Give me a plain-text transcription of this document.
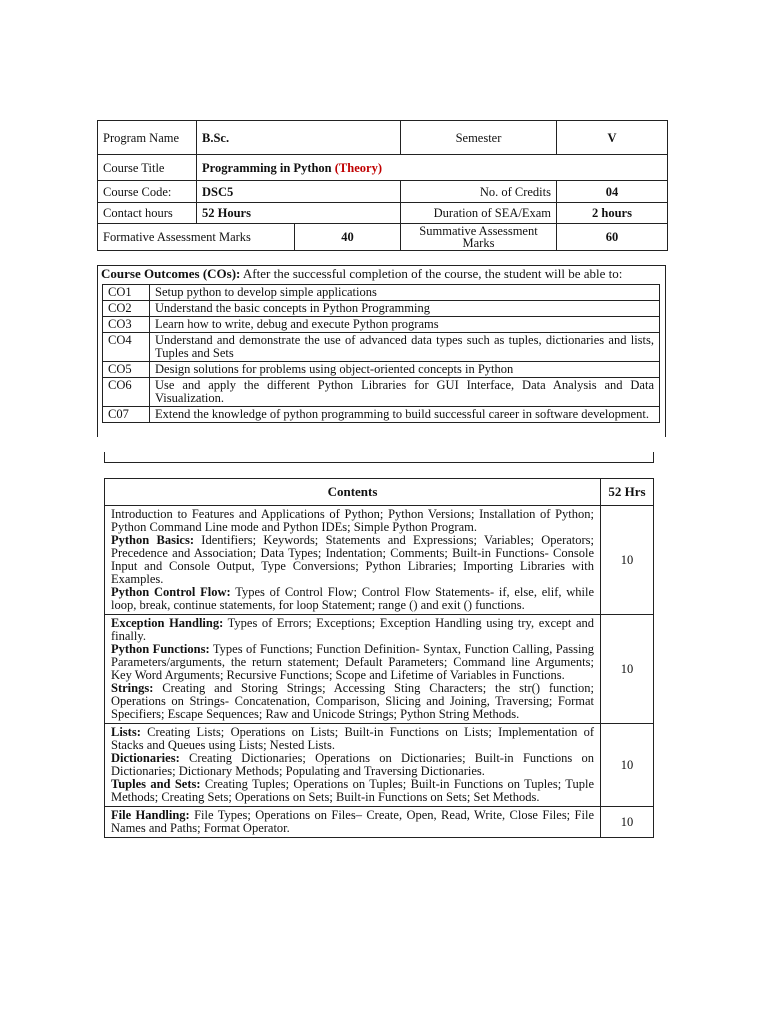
Program Name	B.Sc.		Semester	V
Course Title	Programming in Python (Theory)			
Course Code:	DSC5		No. of Credits	04
Contact hours	52 Hours		Duration of SEA/Exam	2 hours
Formative Assessment Marks		40	Summative Assessment Marks	60
Course Outcomes (COs): After the successful completion of the course, the student will be able to:
CO1	Setup python to develop simple applications
CO2	Understand the basic concepts in Python Programming
CO3	Learn how to write, debug and execute Python programs
CO4	Understand and demonstrate the use of advanced data types such as tuples, dictionaries and lists, Tuples and Sets
CO5	Design solutions for problems using object-oriented concepts in Python
CO6	Use and apply the different Python Libraries for GUI Interface, Data Analysis and Data Visualization.
C07	Extend the knowledge of python programming to build successful career in software development.
Contents	52 Hrs

Introduction to Features and Applications of Python; Python Versions; Installation of Python; Python Command Line mode and Python IDEs; Simple Python Program.

Python Basics: Identifiers; Keywords; Statements and Expressions; Variables; Operators; Precedence and Association; Data Types; Indentation; Comments; Built-in Functions- Console Input and Console Output, Type Conversions; Python Libraries; Importing Libraries with Examples.

Python Control Flow: Types of Control Flow; Control Flow Statements- if, else, elif, while loop, break, continue statements, for loop Statement; range () and exit () functions.	10

Exception Handling: Types of Errors; Exceptions; Exception Handling using try, except and finally.

Python Functions: Types of Functions; Function Definition- Syntax, Function Calling, Passing Parameters/arguments, the return statement; Default Parameters; Command line Arguments; Key Word Arguments; Recursive Functions; Scope and Lifetime of Variables in Functions.

Strings: Creating and Storing Strings; Accessing Sting Characters; the str() function; Operations on Strings- Concatenation, Comparison, Slicing and Joining, Traversing; Format Specifiers; Escape Sequences; Raw and Unicode Strings; Python String Methods.	10

Lists: Creating Lists; Operations on Lists; Built-in Functions on Lists; Implementation of Stacks and Queues using Lists; Nested Lists.

Dictionaries: Creating Dictionaries; Operations on Dictionaries; Built-in Functions on Dictionaries; Dictionary Methods; Populating and Traversing Dictionaries.

Tuples and Sets: Creating Tuples; Operations on Tuples; Built-in Functions on Tuples; Tuple Methods; Creating Sets; Operations on Sets; Built-in Functions on Sets; Set Methods.	10

File Handling: File Types; Operations on Files– Create, Open, Read, Write, Close Files; File Names and Paths; Format Operator.	10
